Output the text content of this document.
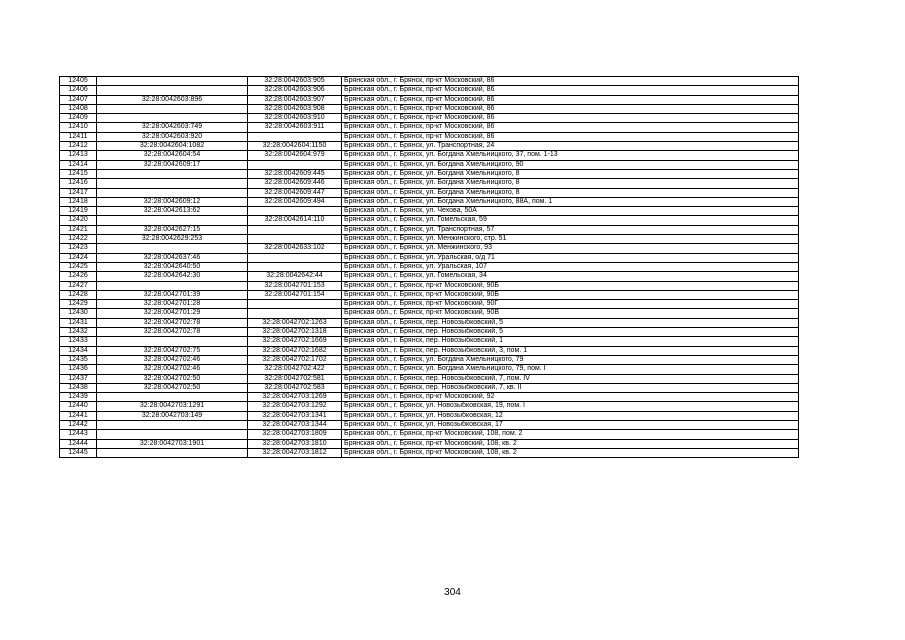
12405		32:28:0042603:905	Брянская обл., г. Брянск, пр-кт Московский, 86
12406		32:28:0042603:906	Брянская обл., г. Брянск, пр-кт Московский, 86
12407	32:28:0042603:896	32:28:0042603:907	Брянская обл., г. Брянск, пр-кт Московский, 86
12408		32:28:0042603:908	Брянская обл., г. Брянск, пр-кт Московский, 86
12409		32:28:0042603:910	Брянская обл., г. Брянск, пр-кт Московский, 86
12410	32:28:0042603:749	32:28:0042603:911	Брянская обл., г. Брянск, пр-кт Московский, 86
12411	32:28:0042603:920		Брянская обл., г. Брянск, пр-кт Московский, 86
12412	32:28:0042604:1082	32:28:0042604:1150	Брянская обл., г. Брянск, ул. Транспортная, 24
12413	32:28:0042604:54	32:28:0042604:979	Брянская обл., г. Брянск, ул. Богдана Хмельницкого, 37, пом. 1-13
12414	32:28:0042609:17		Брянская обл., г. Брянск, ул. Богдана Хмельницкого, 90
12415		32:28:0042609:445	Брянская обл., г. Брянск, ул. Богдана Хмельницкого, 8
12416		32:28:0042609:446	Брянская обл., г. Брянск, ул. Богдана Хмельницкого, 8
12417		32:28:0042609:447	Брянская обл., г. Брянск, ул. Богдана Хмельницкого, 8
12418	32:28:0042609:12	32:28:0042609:494	Брянская обл., г. Брянск, ул. Богдана Хмельницкого, 88А, пом. 1
12419	32:28:0042613:62		Брянская обл., г. Брянск, ул. Чехова, 50А
12420		32:28:0042614:110	Брянская обл., г. Брянск, ул. Гомельская, 59
12421	32:28:0042627:15		Брянская обл., г. Брянск, ул. Транспортная, 57
12422	32:28:0042629:253		Брянская обл., г. Брянск, ул. Менжинского, стр. 51
12423		32:28:0042633:102	Брянская обл., г. Брянск, ул. Менжинского, 93
12424	32:28:0042637:46		Брянская обл., г. Брянск, ул. Уральская, о/д 71
12425	32:28:0042640:50		Брянская обл., г. Брянск, ул. Уральская, 107
12426	32:28:0042642:30	32:28:0042642:44	Брянская обл., г. Брянск, ул. Гомельская, 34
12427		32:28:0042701:153	Брянская обл., г. Брянск, пр-кт Московский, 90Б
12428	32:28:0042701:39	32:28:0042701:154	Брянская обл., г. Брянск, пр-кт Московский, 90Б
12429	32:28:0042701:28		Брянская обл., г. Брянск, пр-кт Московский, 90Г
12430	32:28:0042701:29		Брянская обл., г. Брянск, пр-кт Московский, 90В
12431	32:28:0042702:78	32:28:0042702:1263	Брянская обл., г. Брянск, пер. Новозыбковский, 5
12432	32:28:0042702:78	32:28:0042702:1318	Брянская обл., г. Брянск, пер. Новозыбковский, 5
12433		32:28:0042702:1669	Брянская обл., г. Брянск, пер. Новозыбковский, 1
12434	32:28:0042702:75	32:28:0042702:1682	Брянская обл., г. Брянск, пер. Новозыбковский, 3, пом. 1
12435	32:28:0042702:46	32:28:0042702:1702	Брянская обл., г. Брянск, ул. Богдана Хмельницкого, 79
12436	32:28:0042702:46	32:28:0042702:422	Брянская обл., г. Брянск, ул. Богдана Хмельницкого, 79, пом. I
12437	32:28:0042702:50	32:28:0042702:581	Брянская обл., г. Брянск, пер. Новозыбковский, 7, пом. IV
12438	32:28:0042702:50	32:28:0042702:583	Брянская обл., г. Брянск, пер. Новозыбковский, 7, кв. II
12439		32:28:0042703:1269	Брянская обл., г. Брянск, пр-кт Московский, 92
12440	32:28:0042703:1291	32:28:0042703:1292	Брянская обл., г. Брянск, ул. Новозыбковская, 19, пом. I
12441	32:28:0042703:149	32:28:0042703:1341	Брянская обл., г. Брянск, ул. Новозыбковская, 12
12442		32:28:0042703:1344	Брянская обл., г. Брянск, ул. Новозыбковская, 17
12443		32:28:0042703:1809	Брянская обл., г. Брянск, пр-кт Московский, 108, пом. 2
12444	32:28:0042703:1901	32:28:0042703:1810	Брянская обл., г. Брянск, пр-кт Московский, 108, кв. 2
12445		32:28:0042703:1812	Брянская обл., г. Брянск, пр-кт Московский, 108, кв. 2
304
